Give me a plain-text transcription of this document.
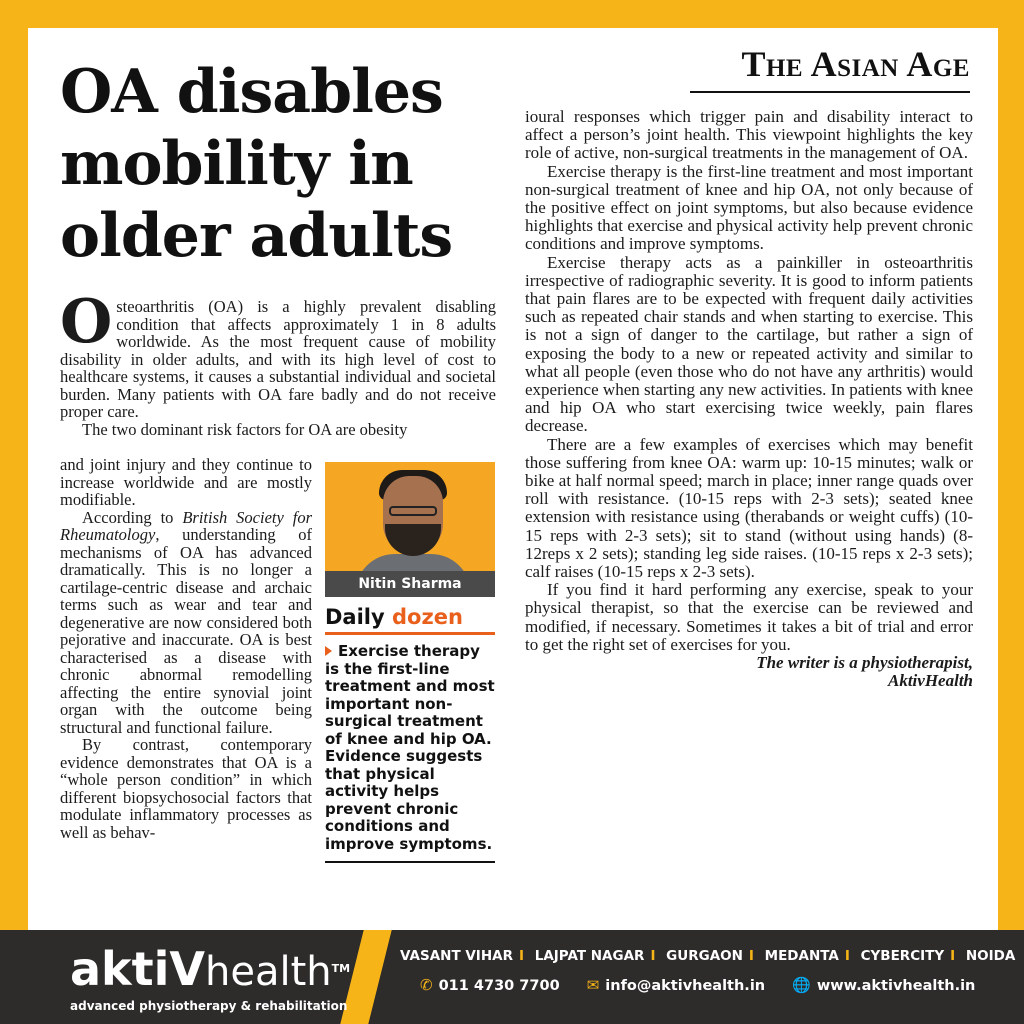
The Asian Age
OA disables mobility in older adults

Osteoarthritis (OA) is a highly prevalent disabling condition that affects approximately 1 in 8 adults worldwide. As the most frequent cause of mobility disability in older adults, and with its high level of cost to healthcare systems, it causes a substantial individual and societal burden. Many patients with OA fare badly and do not receive proper care.

The two dominant risk factors for OA are obesity

and joint injury and they continue to increase worldwide and are mostly modifiable.

According to British Society for Rheumatology, understanding of mechanisms of OA has advanced dramatically. This is no longer a cartilage-centric disease and archaic terms such as wear and tear and degenerative are now considered both pejorative and inaccurate. OA is best characterised as a disease with chronic abnormal remodelling affecting the entire synovial joint organ with the outcome being structural and functional failure.

By contrast, contemporary evidence demonstrates that OA is a “whole person condition” in which different biopsychosocial factors that modulate inflammatory processes as well as behav-

Nitin Sharma
Daily dozen
Exercise therapy is the first-line treatment and most important non-surgical treatment of knee and hip OA. Evidence suggests that physical activity helps prevent chronic conditions and improve symptoms.

ioural responses which trigger pain and disability interact to affect a person’s joint health. This viewpoint highlights the key role of active, non-surgical treatments in the management of OA.

Exercise therapy is the first-line treatment and most important non-surgical treatment of knee and hip OA, not only because of the positive effect on joint symptoms, but also because evidence highlights that exercise and physical activity help prevent chronic conditions and improve symptoms.

Exercise therapy acts as a painkiller in osteoarthritis irrespective of radiographic severity. It is good to inform patients that pain flares are to be expected with frequent daily activities such as repeated chair stands and when starting to exercise. This is not a sign of danger to the cartilage, but rather a sign of exposing the body to a new or repeated activity and similar to what all people (even those who do not have any arthritis) would experience when starting any new activities. In patients with knee and hip OA who start exercising twice weekly, pain flares decrease.

There are a few examples of exercises which may benefit those suffering from knee OA: warm up: 10-15 minutes; walk or bike at half normal speed; march in place; inner range quads over roll with resistance. (10-15 reps with 2-3 sets); seated knee extension with resistance using (therabands or weight cuffs) (10-15 reps with 2-3 sets); sit to stand (without using hands) (8-12reps x 2 sets); standing leg side raises. (10-15 reps x 2-3 sets); calf raises (10-15 reps x 2-3 sets).

If you find it hard performing any exercise, speak to your physical therapist, so that the exercise can be reviewed and modified, if necessary. Sometimes it takes a bit of trial and error to get the right set of exercises for you.

The writer is a physiotherapist,

AktivHealth

aktiVhealth™
advanced physiotherapy & rehabilitation
VASANT VIHAR I LAJPAT NAGAR I GURGAON I MEDANTA I CYBERCITY I NOIDA
✆ 011 4730 7700 ✉ info@aktivhealth.in 🌐 www.aktivhealth.in
